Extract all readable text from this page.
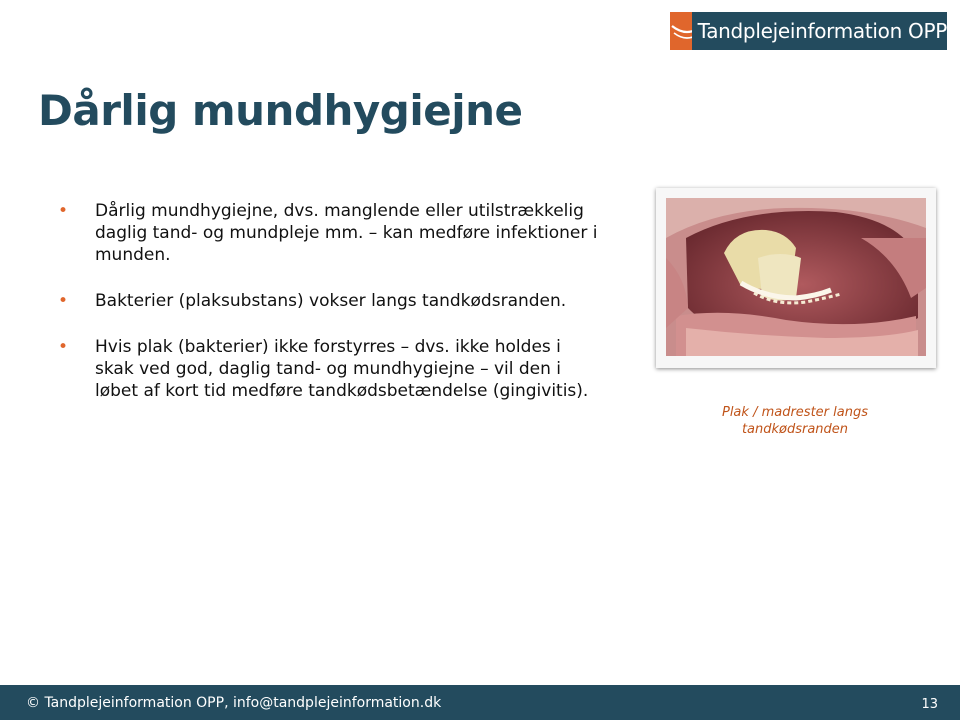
Tandplejeinformation OPP
Dårlig mundhygiejne
• Dårlig mundhygiejne, dvs. manglende eller utilstrækkelig daglig tand- og mundpleje mm. – kan medføre infektioner i munden.
• Bakterier (plaksubstans) vokser langs tandkødsranden.
• Hvis plak (bakterier) ikke forstyrres – dvs. ikke holdes i skak ved god, daglig tand- og mundhygiejne – vil den i løbet af kort tid medføre tandkødsbetændelse (gingivitis).
Plak / madrester langs tandkødsranden
© Tandplejeinformation OPP, info@tandplejeinformation.dk	13
